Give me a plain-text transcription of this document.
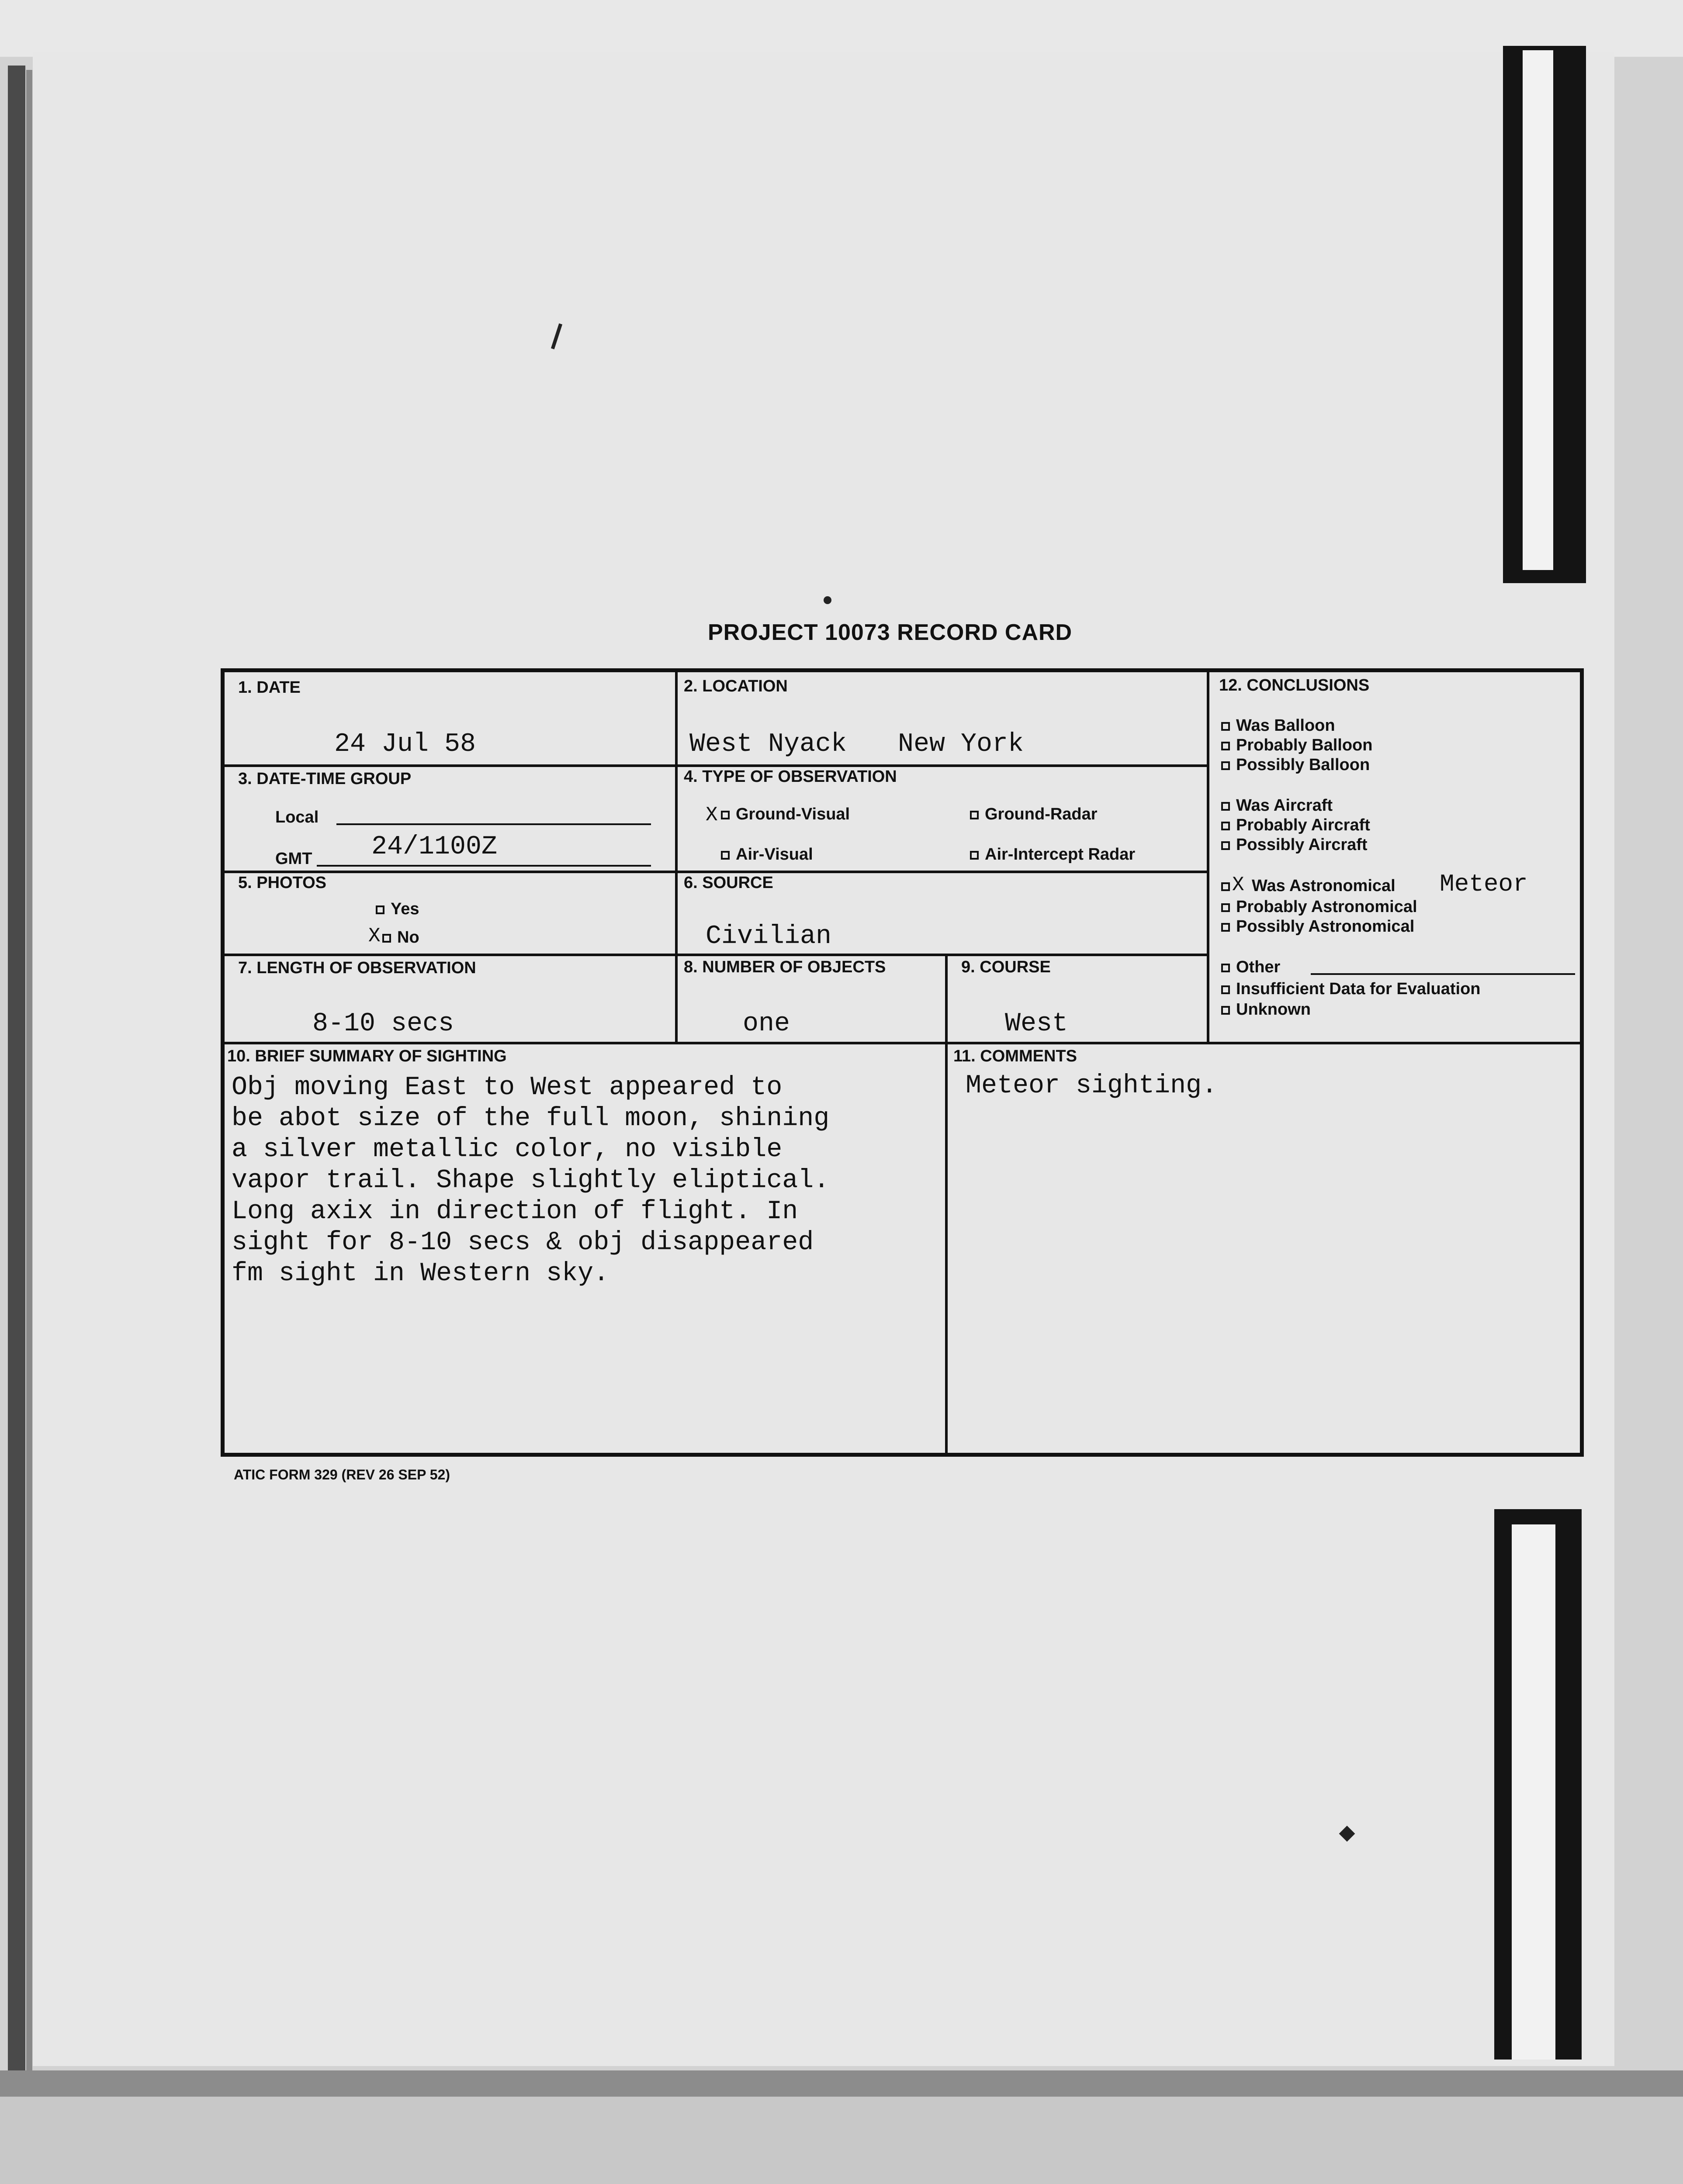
PROJECT 10073 RECORD CARD
1. DATE
24 Jul 58
2. LOCATION
West Nyack New York
3. DATE-TIME GROUP
Local
GMT 24/1100Z
4. TYPE OF OBSERVATION
X	Ground-Visual	Ground-Radar
Air-Visual	Air-Intercept Radar
5. PHOTOS
Yes
X	No
6. SOURCE
Civilian
7. LENGTH OF OBSERVATION
8-10 secs
8. NUMBER OF OBJECTS
one
9. COURSE
West
10. BRIEF SUMMARY OF SIGHTING
Obj moving East to West appeared to
be abot size of the full moon, shining
a silver metallic color, no visible
vapor trail. Shape slightly eliptical.
Long axix in direction of flight. In
sight for 8-10 secs & obj disappeared
fm sight in Western sky.
11. COMMENTS
Meteor sighting.
12. CONCLUSIONS
Was Balloon
Probably Balloon
Possibly Balloon
Was Aircraft
Probably Aircraft
Possibly Aircraft
X Was Astronomical Meteor
Probably Astronomical
Possibly Astronomical
Other
Insufficient Data for Evaluation
Unknown
ATIC FORM 329 (REV 26 SEP 52)
